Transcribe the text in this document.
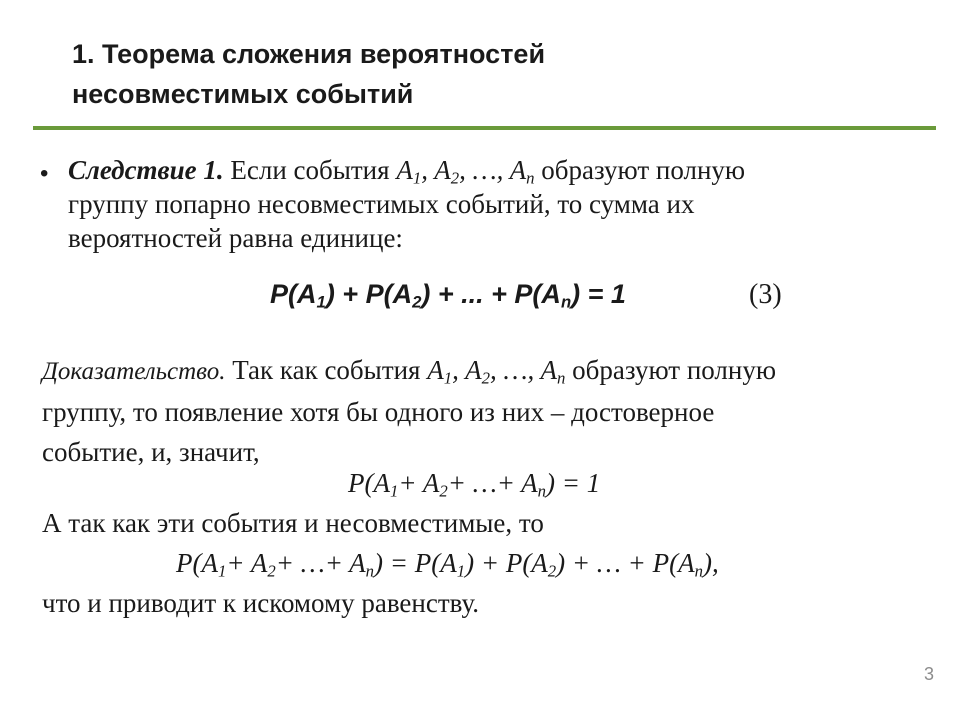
1. Теорема сложения вероятностей
несовместимых событий
• Следствие 1. Если события $A_1$, $A_2$, …, $A_n$ образуют полную
группу попарно несовместимых событий, то сумма их
вероятностей равна единице:
$P(A_1) + P(A_2)$ + ... + $P(A_n) = 1$	(3)
Доказательство. Так как события $A_1$, $A_2$, …, $A_n$ образуют полную
группу, то появление хотя бы одного из них – достоверное
событие, и, значит,
$P(A_1+ A_2+$ …+ $A_n) = 1$
А так как эти события и несовместимые, то
$P(A_1+ A_2+$ …+ $A_n) = P(A_1) + P(A_2)$ + … + $P(A_n)$,
что и приводит к искомому равенству.
3
